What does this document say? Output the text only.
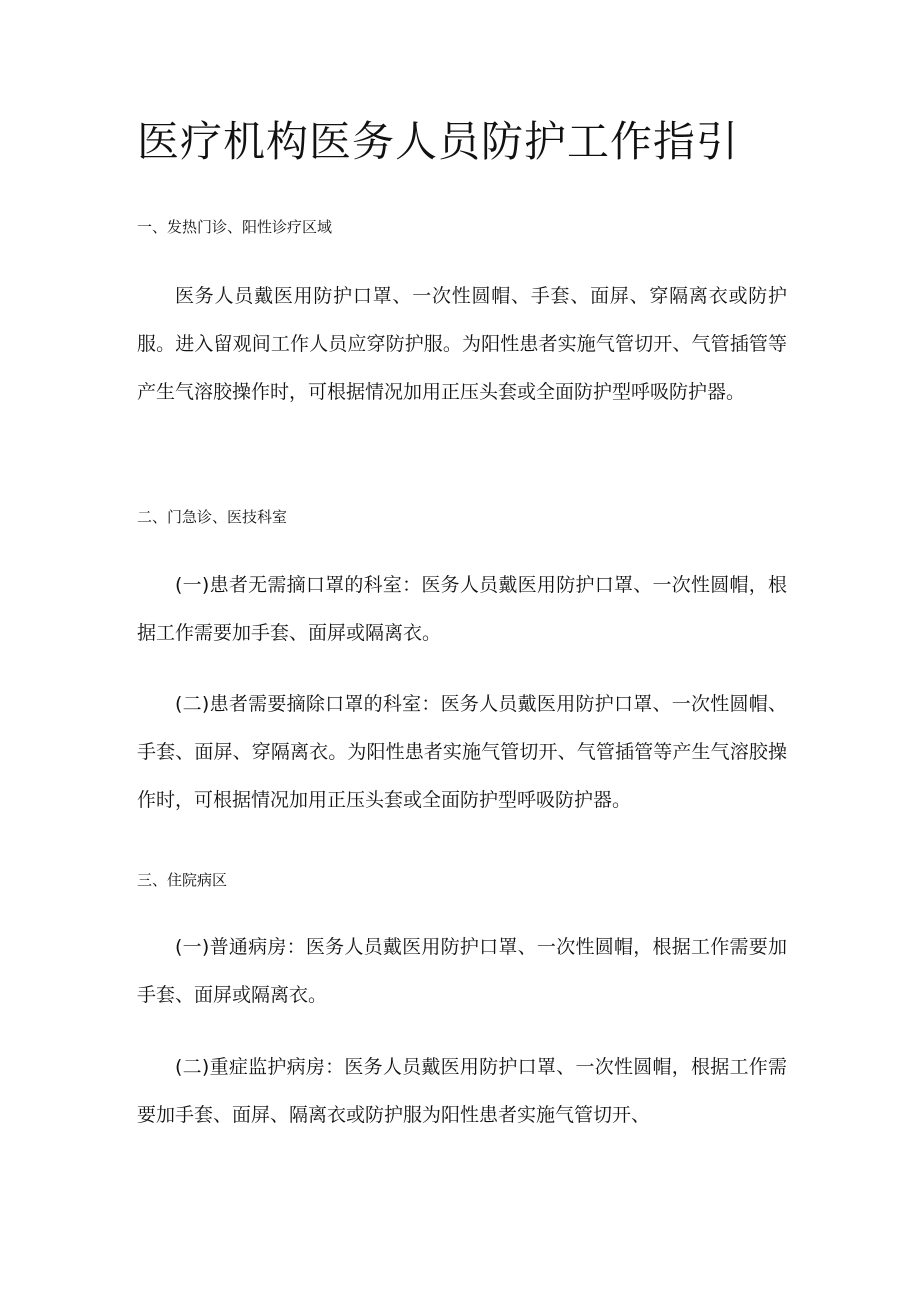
医疗机构医务人员防护工作指引

一、发热门诊、阳性诊疗区域

医务人员戴医用防护口罩、一次性圆帽、手套、面屏、穿隔离衣或防护服。进入留观间工作人员应穿防护服。为阳性患者实施气管切开、气管插管等产生气溶胶操作时，可根据情况加用正压头套或全面防护型呼吸防护器。

二、门急诊、医技科室

(一)患者无需摘口罩的科室：医务人员戴医用防护口罩、一次性圆帽，根据工作需要加手套、面屏或隔离衣。

(二)患者需要摘除口罩的科室：医务人员戴医用防护口罩、一次性圆帽、手套、面屏、穿隔离衣。为阳性患者实施气管切开、气管插管等产生气溶胶操作时，可根据情况加用正压头套或全面防护型呼吸防护器。

三、住院病区

(一)普通病房：医务人员戴医用防护口罩、一次性圆帽，根据工作需要加手套、面屏或隔离衣。

(二)重症监护病房：医务人员戴医用防护口罩、一次性圆帽，根据工作需要加手套、面屏、隔离衣或防护服为阳性患者实施气管切开、
